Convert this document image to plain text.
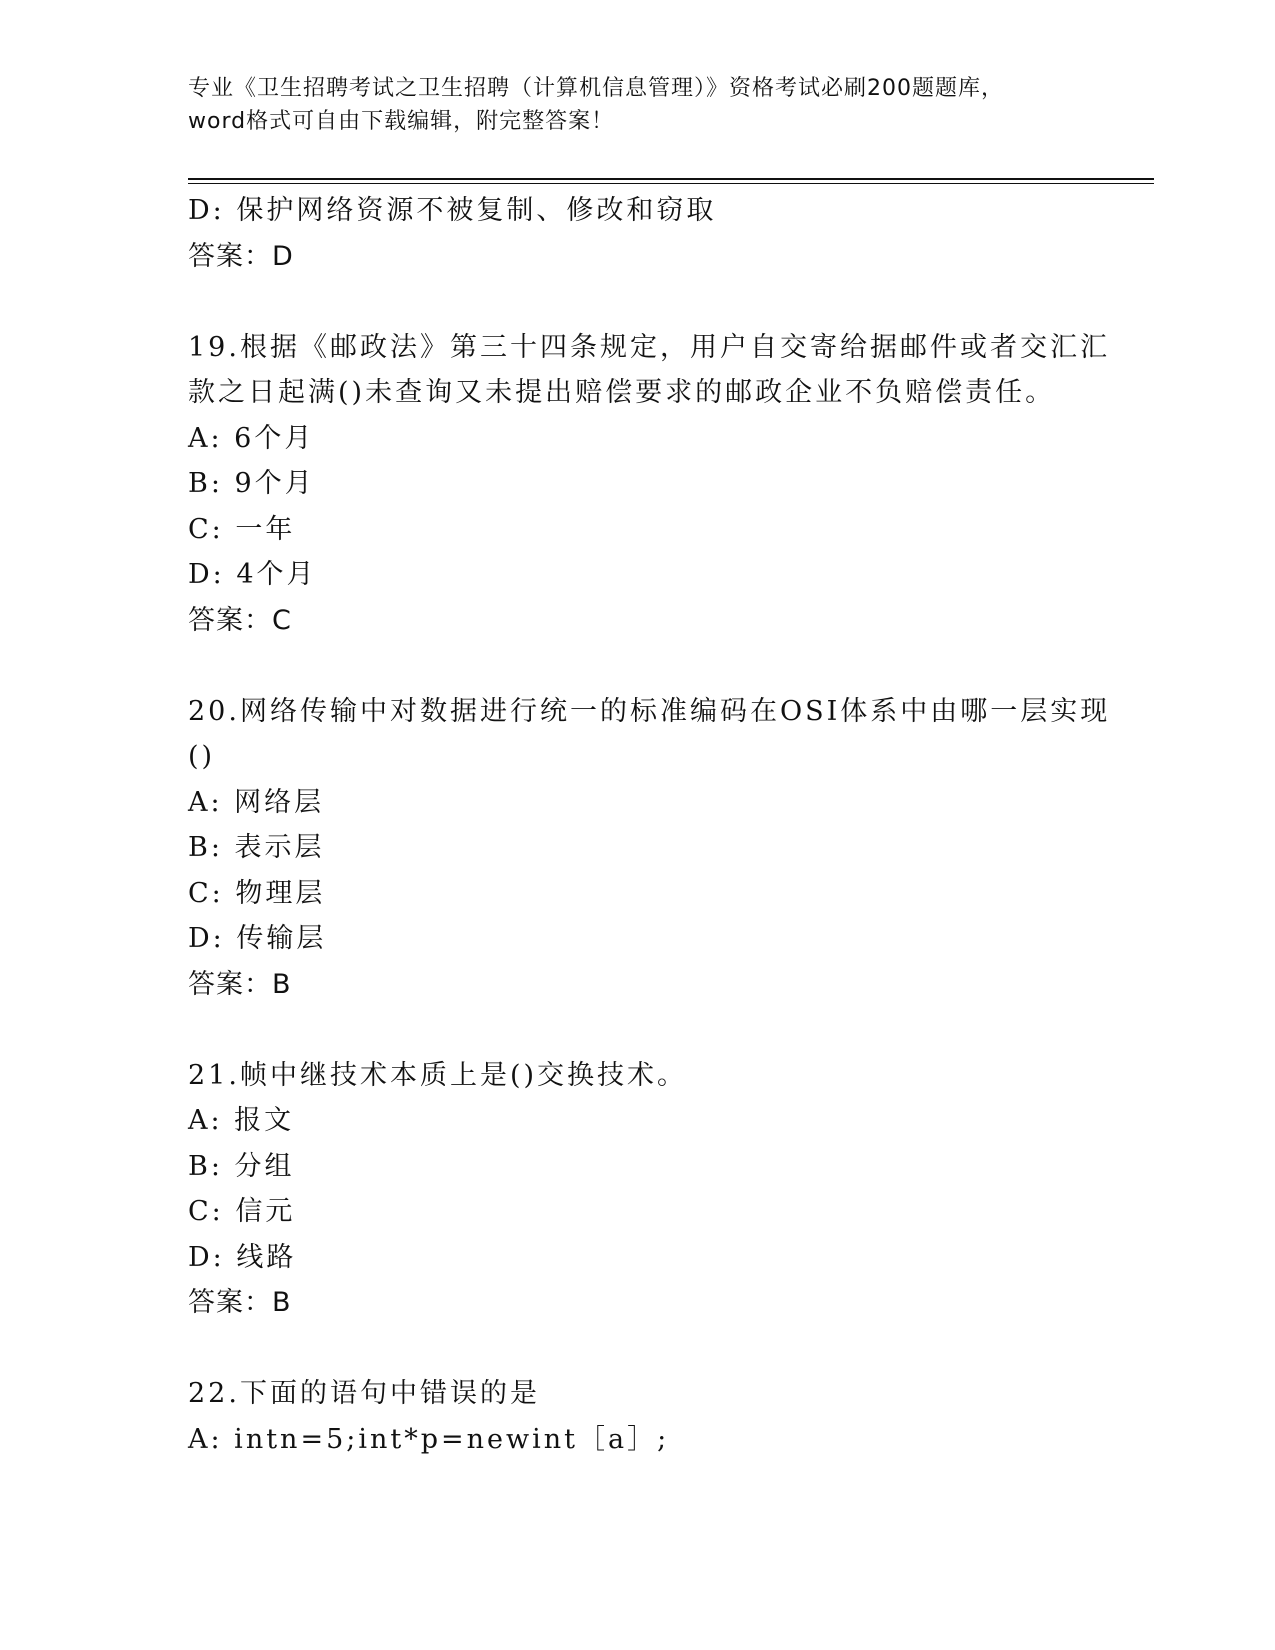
专业《卫生招聘考试之卫生招聘（计算机信息管理）》资格考试必刷200题题库，
word格式可自由下载编辑，附完整答案！
D: 保护网络资源不被复制、修改和窃取
答案：D
19.根据《邮政法》第三十四条规定，用户自交寄给据邮件或者交汇汇
款之日起满()未查询又未提出赔偿要求的邮政企业不负赔偿责任。
A: 6个月
B: 9个月
C: 一年
D: 4个月
答案：C
20.网络传输中对数据进行统一的标准编码在OSI体系中由哪一层实现
()
A: 网络层
B: 表示层
C: 物理层
D: 传输层
答案：B
21.帧中继技术本质上是()交换技术。
A: 报文
B: 分组
C: 信元
D: 线路
答案：B
22.下面的语句中错误的是
A: intn=5;int*p=newint［a］;
